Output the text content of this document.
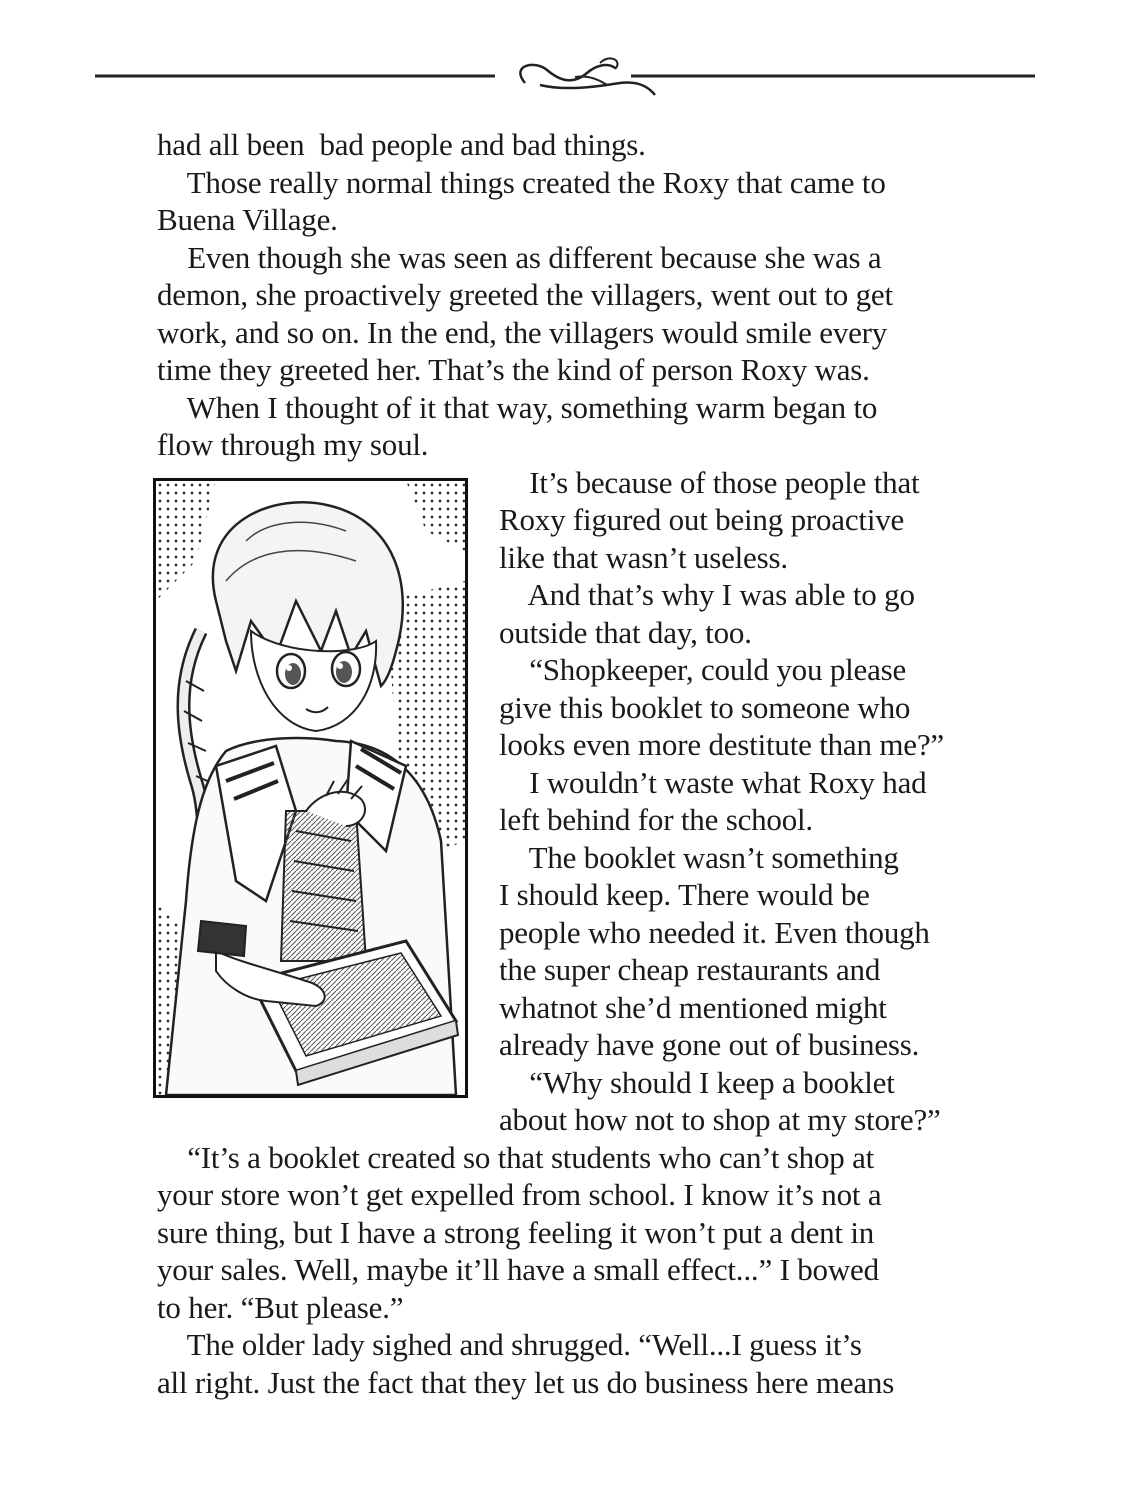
had all been  bad people and bad things.

Those really normal things created the Roxy that came to

Buena Village.

Even though she was seen as different because she was a

demon, she proactively greeted the villagers, went out to get

work, and so on. In the end, the villagers would smile every

time they greeted her. That’s the kind of person Roxy was.

When I thought of it that way, something warm began to

flow through my soul.

It’s because of those people that

Roxy figured out being proactive

like that wasn’t useless.

And that’s why I was able to go

outside that day, too.

“Shopkeeper, could you please

give this booklet to someone who

looks even more destitute than me?”

I wouldn’t waste what Roxy had

left behind for the school.

The booklet wasn’t something

I should keep. There would be

people who needed it. Even though

the super cheap restaurants and

whatnot she’d mentioned might

already have gone out of business.

“Why should I keep a booklet

about how not to shop at my store?”

“It’s a booklet created so that students who can’t shop at

your store won’t get expelled from school. I know it’s not a

sure thing, but I have a strong feeling it won’t put a dent in

your sales. Well, maybe it’ll have a small effect...” I bowed

to her. “But please.”

The older lady sighed and shrugged. “Well...I guess it’s

all right. Just the fact that they let us do business here means
